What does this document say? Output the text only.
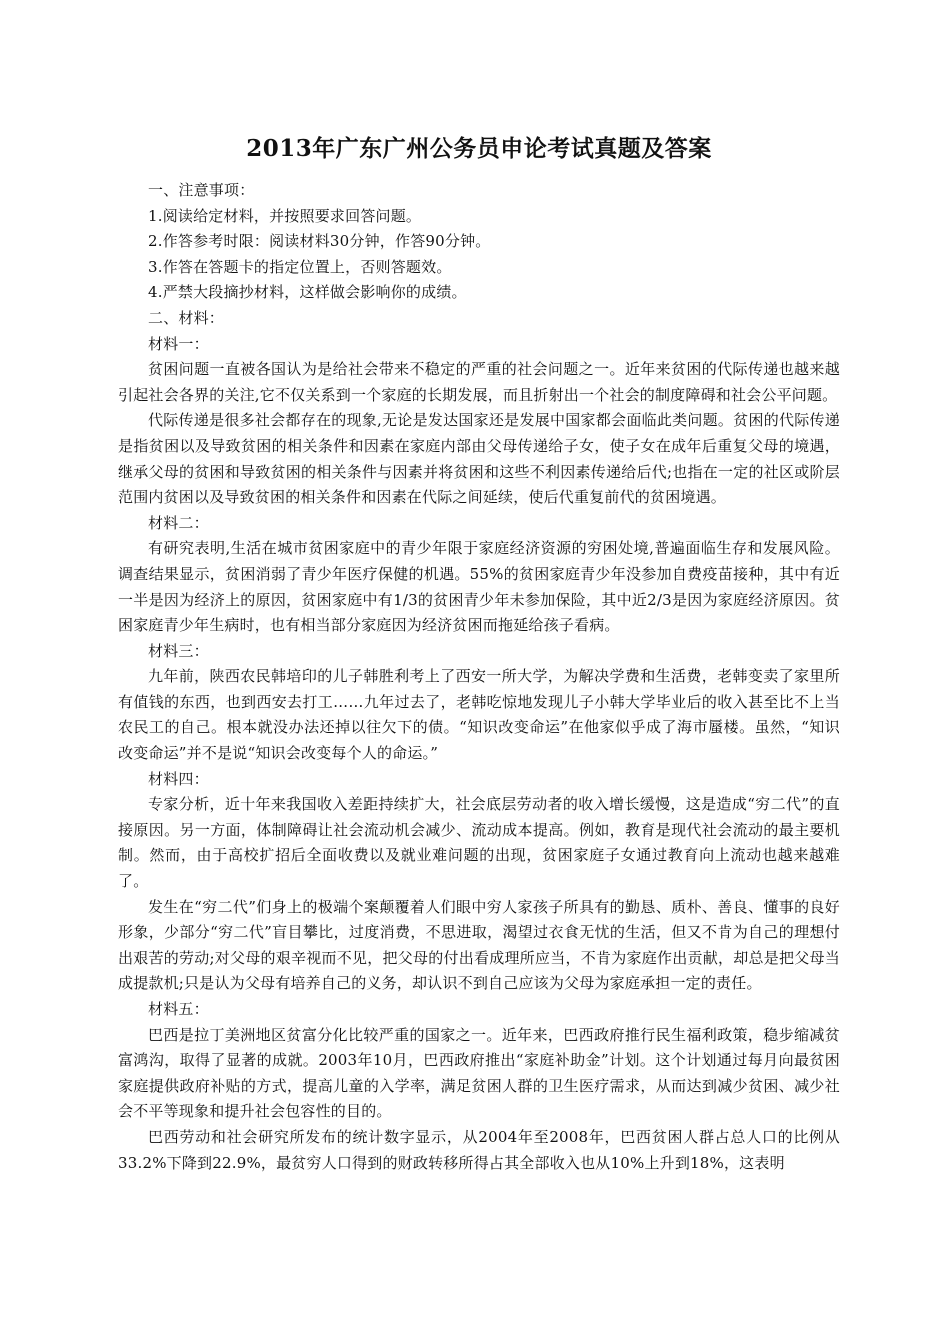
2013年广东广州公务员申论考试真题及答案

一、注意事项：

1.阅读给定材料，并按照要求回答问题。

2.作答参考时限：阅读材料30分钟，作答90分钟。

3.作答在答题卡的指定位置上，否则答题效。

4.严禁大段摘抄材料，这样做会影响你的成绩。

二、材料：

材料一：

贫困问题一直被各国认为是给社会带来不稳定的严重的社会问题之一。近年来贫困的代际传递也越来越引起社会各界的关注,它不仅关系到一个家庭的长期发展，而且折射出一个社会的制度障碍和社会公平问题。

代际传递是很多社会都存在的现象,无论是发达国家还是发展中国家都会面临此类问题。贫困的代际传递是指贫困以及导致贫困的相关条件和因素在家庭内部由父母传递给子女，使子女在成年后重复父母的境遇，继承父母的贫困和导致贫困的相关条件与因素并将贫困和这些不利因素传递给后代;也指在一定的社区或阶层范围内贫困以及导致贫困的相关条件和因素在代际之间延续，使后代重复前代的贫困境遇。

材料二：

有研究表明,生活在城市贫困家庭中的青少年限于家庭经济资源的穷困处境,普遍面临生存和发展风险。调查结果显示，贫困消弱了青少年医疗保健的机遇。55%的贫困家庭青少年没参加自费疫苗接种，其中有近一半是因为经济上的原因，贫困家庭中有1/3的贫困青少年未参加保险，其中近2/3是因为家庭经济原因。贫困家庭青少年生病时，也有相当部分家庭因为经济贫困而拖延给孩子看病。

材料三：

九年前，陕西农民韩培印的儿子韩胜利考上了西安一所大学，为解决学费和生活费，老韩变卖了家里所有值钱的东西，也到西安去打工……九年过去了，老韩吃惊地发现儿子小韩大学毕业后的收入甚至比不上当农民工的自己。根本就没办法还掉以往欠下的债。“知识改变命运”在他家似乎成了海市蜃楼。虽然，“知识改变命运”并不是说“知识会改变每个人的命运。”

材料四：

专家分析，近十年来我国收入差距持续扩大，社会底层劳动者的收入增长缓慢，这是造成“穷二代”的直接原因。另一方面，体制障碍让社会流动机会减少、流动成本提高。例如，教育是现代社会流动的最主要机制。然而，由于高校扩招后全面收费以及就业难问题的出现，贫困家庭子女通过教育向上流动也越来越难了。

发生在“穷二代”们身上的极端个案颠覆着人们眼中穷人家孩子所具有的勤恳、质朴、善良、懂事的良好形象，少部分“穷二代”盲目攀比，过度消费，不思进取，渴望过衣食无忧的生活，但又不肯为自己的理想付出艰苦的劳动;对父母的艰辛视而不见，把父母的付出看成理所应当，不肯为家庭作出贡献，却总是把父母当成提款机;只是认为父母有培养自己的义务，却认识不到自己应该为父母为家庭承担一定的责任。

材料五：

巴西是拉丁美洲地区贫富分化比较严重的国家之一。近年来，巴西政府推行民生福利政策，稳步缩减贫富鸿沟，取得了显著的成就。2003年10月，巴西政府推出“家庭补助金”计划。这个计划通过每月向最贫困家庭提供政府补贴的方式，提高儿童的入学率，满足贫困人群的卫生医疗需求，从而达到减少贫困、减少社会不平等现象和提升社会包容性的目的。

巴西劳动和社会研究所发布的统计数字显示，从2004年至2008年，巴西贫困人群占总人口的比例从33.2%下降到22.9%，最贫穷人口得到的财政转移所得占其全部收入也从10%上升到18%，这表明
